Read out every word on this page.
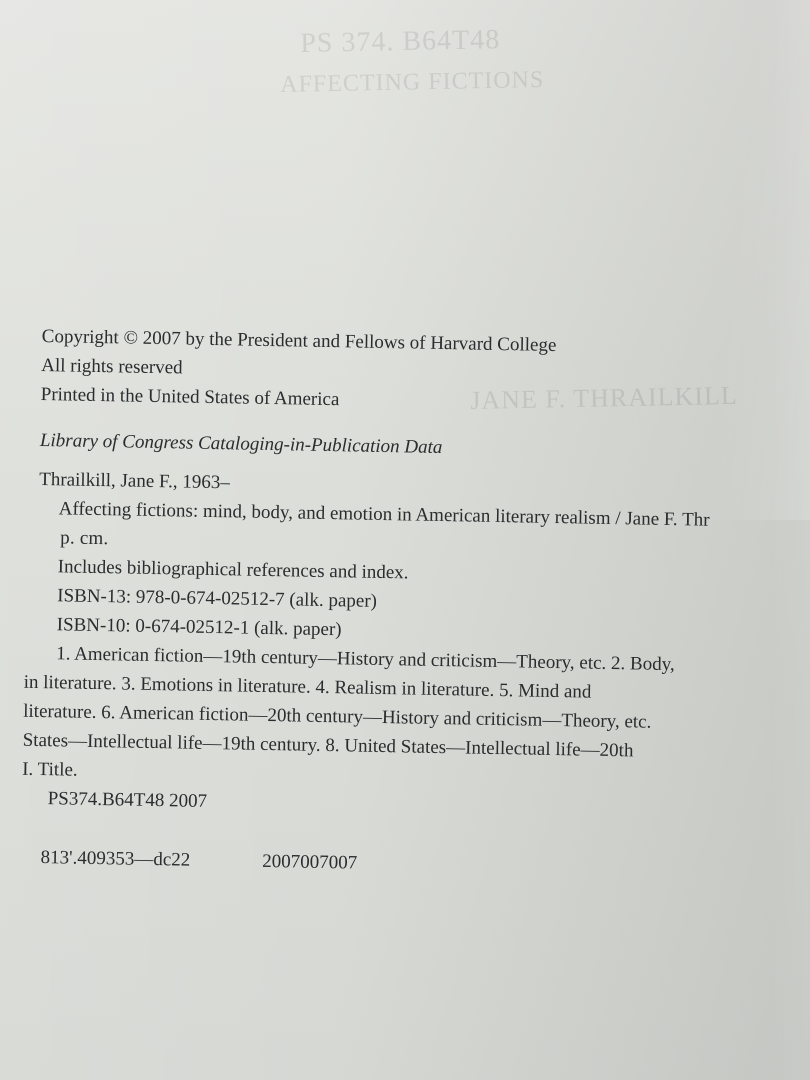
PS 374. B64T48
AFFECTING FICTIONS
JANE F. THRAILKILL

Copyright © 2007 by the President and Fellows of Harvard College

All rights reserved

Printed in the United States of America

Library of Congress Cataloging-in-Publication Data

Thrailkill, Jane F., 1963–

Affecting fictions: mind, body, and emotion in American literary realism / Jane F. Thr

p. cm.

Includes bibliographical references and index.

ISBN-13: 978-0-674-02512-7 (alk. paper)

ISBN-10: 0-674-02512-1 (alk. paper)

1. American fiction—19th century—History and criticism—Theory, etc. 2. Body,

in literature. 3. Emotions in literature. 4. Realism in literature. 5. Mind and

literature. 6. American fiction—20th century—History and criticism—Theory, etc.

States—Intellectual life—19th century. 8. United States—Intellectual life—20th

I. Title.

PS374.B64T48 2007

813'.409353—dc22	2007007007
